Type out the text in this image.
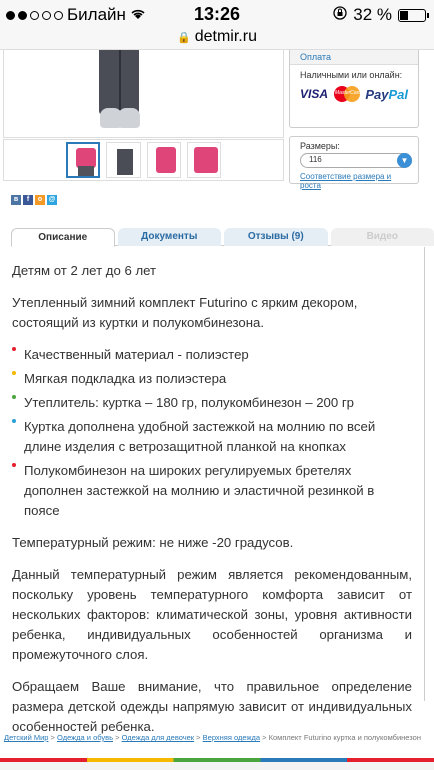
Билайн	13:26	32 %
🔒 detmir.ru
Оплата
Наличными или онлайн:
VISA MasterCard PayPal
Размеры:
116	▼
Соответствие размера и роста
в	f	o @
Описание	Документы	Отзывы (9)	Видео

Детям от 2 лет до 6 лет

Утепленный зимний комплект Futurino с ярким декором, состоящий из куртки и полукомбинезона.

Качественный материал - полиэстер
Мягкая подкладка из полиэстера
Утеплитель: куртка – 180 гр, полукомбинезон – 200 гр
Куртка дополнена удобной застежкой на молнию по всей длине изделия с ветрозащитной планкой на кнопках
Полукомбинезон на широких регулируемых бретелях дополнен застежкой на молнию и эластичной резинкой в поясе

Температурный режим: не ниже -20 градусов.

Данный температурный режим является рекомендованным, поскольку уровень температурного комфорта зависит от нескольких факторов: климатической зоны, уровня активности ребенка, индивидуальных особенностей организма и промежуточного слоя.

Обращаем Ваше внимание, что правильное определение размера детской одежды напрямую зависит от индивидуальных особенностей ребенка.

Детский Мир > Одежда и обувь > Одежда для девочек > Верхняя одежда > Комплект Futurino куртка и полукомбинезон
